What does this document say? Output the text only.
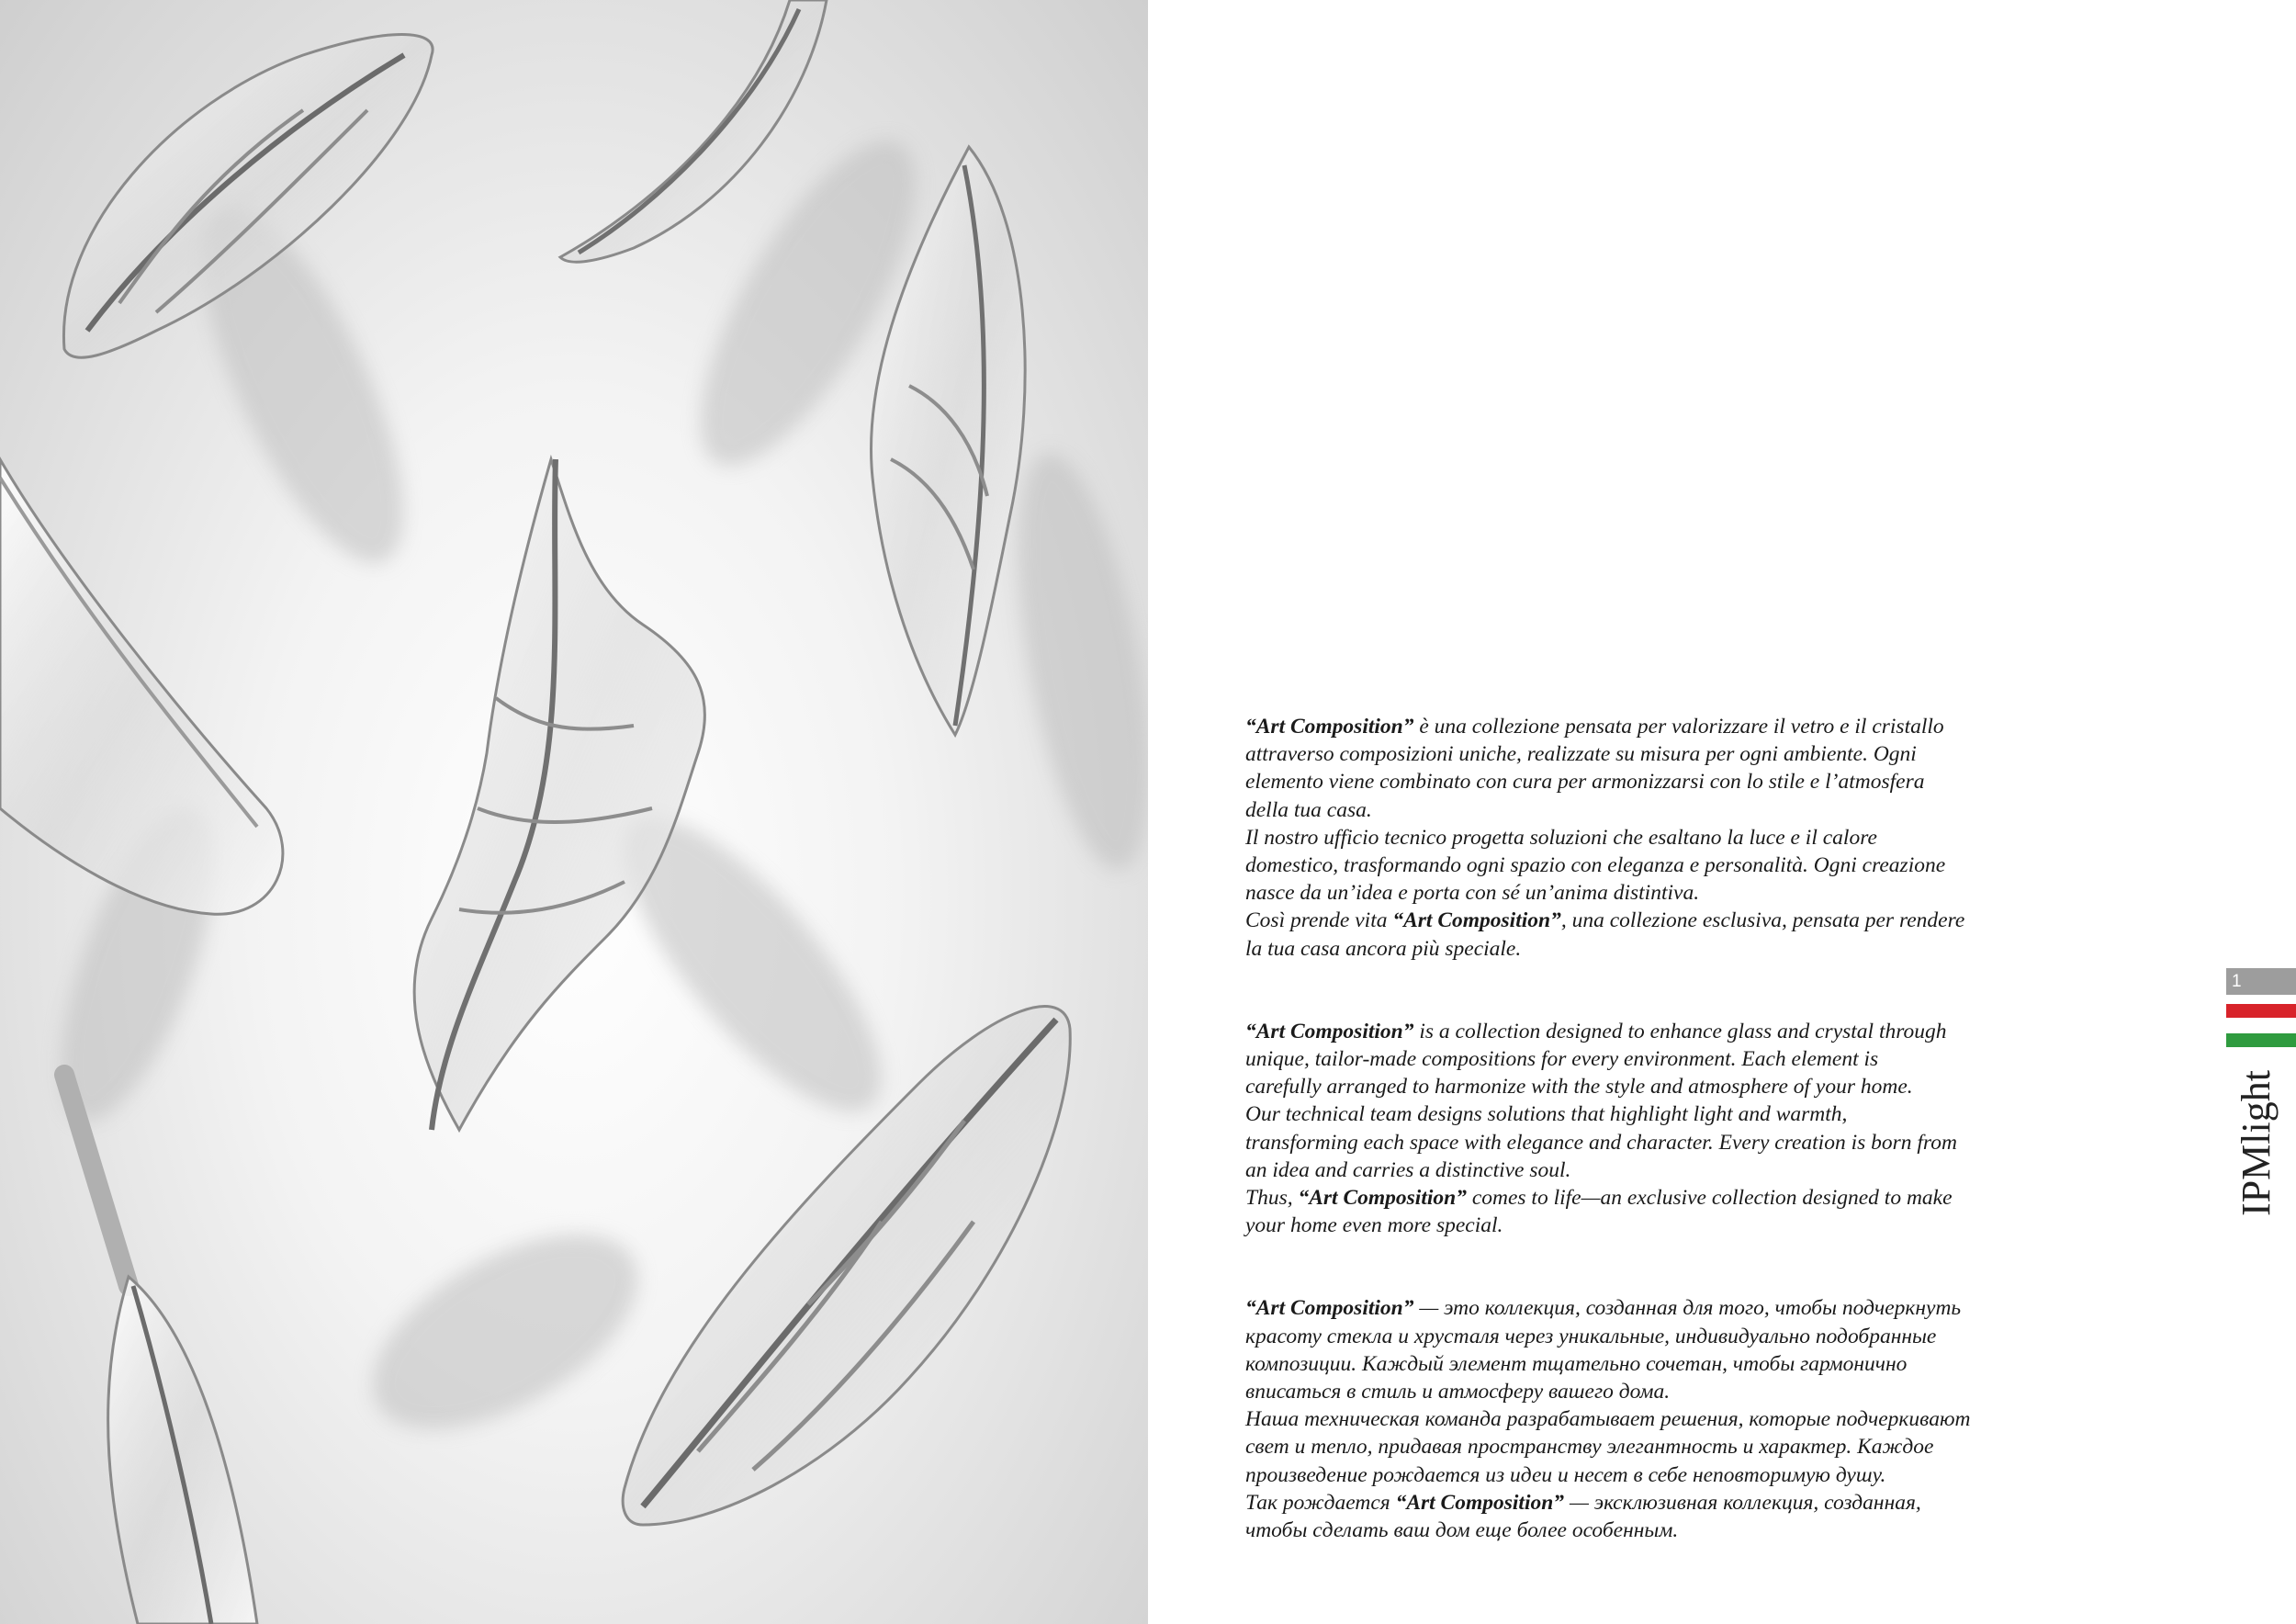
“Art Composition” è una collezione pensata per valorizzare il vetro e il cristallo
attraverso composizioni uniche, realizzate su misura per ogni ambiente. Ogni
elemento viene combinato con cura per armonizzarsi con lo stile e l’atmosfera
della tua casa.
Il nostro ufficio tecnico progetta soluzioni che esaltano la luce e il calore
domestico, trasformando ogni spazio con eleganza e personalità. Ogni creazione
nasce da un’idea e porta con sé un’anima distintiva.
Così prende vita “Art Composition”, una collezione esclusiva, pensata per rendere
la tua casa ancora più speciale.

“Art Composition” is a collection designed to enhance glass and crystal through
unique, tailor-made compositions for every environment. Each element is
carefully arranged to harmonize with the style and atmosphere of your home.
Our technical team designs solutions that highlight light and warmth,
transforming each space with elegance and character. Every creation is born from
an idea and carries a distinctive soul.
Thus, “Art Composition” comes to life—an exclusive collection designed to make
your home even more special.

“Art Composition” — это коллекция, созданная для того, чтобы подчеркнуть
красоту стекла и хрусталя через уникальные, индивидуально подобранные
композиции. Каждый элемент тщательно сочетан, чтобы гармонично
вписаться в стиль и атмосферу вашего дома.
Наша техническая команда разрабатывает решения, которые подчеркивают
свет и тепло, придавая пространству элегантность и характер. Каждое
произведение рождается из идеи и несет в себе неповторимую душу.
Так рождается “Art Composition” — эксклюзивная коллекция, созданная,
чтобы сделать ваш дом еще более особенным.

1
IPMlight
